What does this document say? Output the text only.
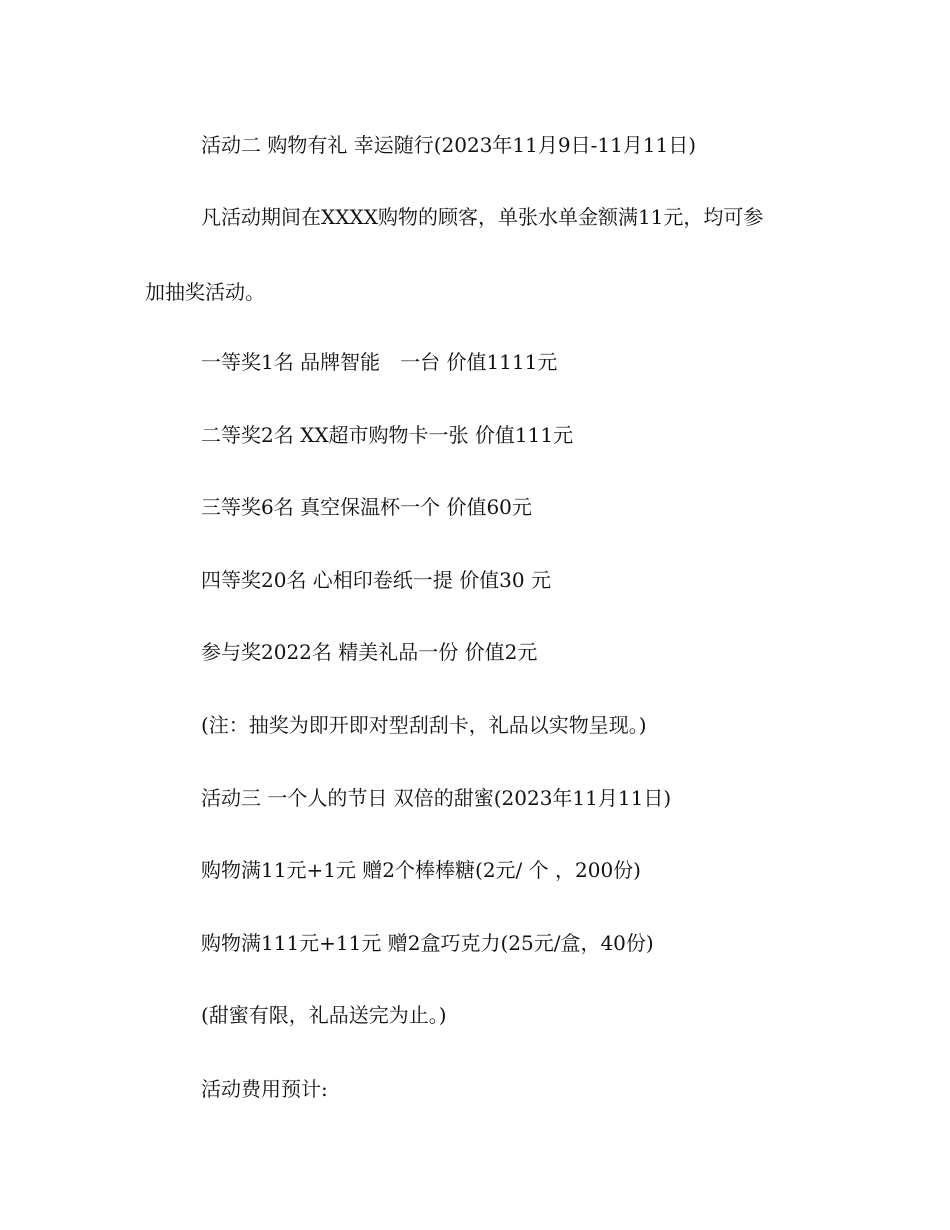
活动二 购物有礼 幸运随行(2023年11月9日-11月11日)
凡活动期间在XXXX购物的顾客，单张水单金额满11元，均可参
加抽奖活动。
一等奖1名 品牌智能　一台 价值1111元
二等奖2名 XX超市购物卡一张 价值111元
三等奖6名 真空保温杯一个 价值60元
四等奖20名 心相印卷纸一提 价值30 元
参与奖2022名 精美礼品一份 价值2元
(注：抽奖为即开即对型刮刮卡，礼品以实物呈现。)
活动三 一个人的节日 双倍的甜蜜(2023年11月11日)
购物满11元+1元 赠2个棒棒糖(2元/ 个 ，200份)
购物满111元+11元 赠2盒巧克力(25元/盒，40份)
(甜蜜有限，礼品送完为止。)
活动费用预计:
